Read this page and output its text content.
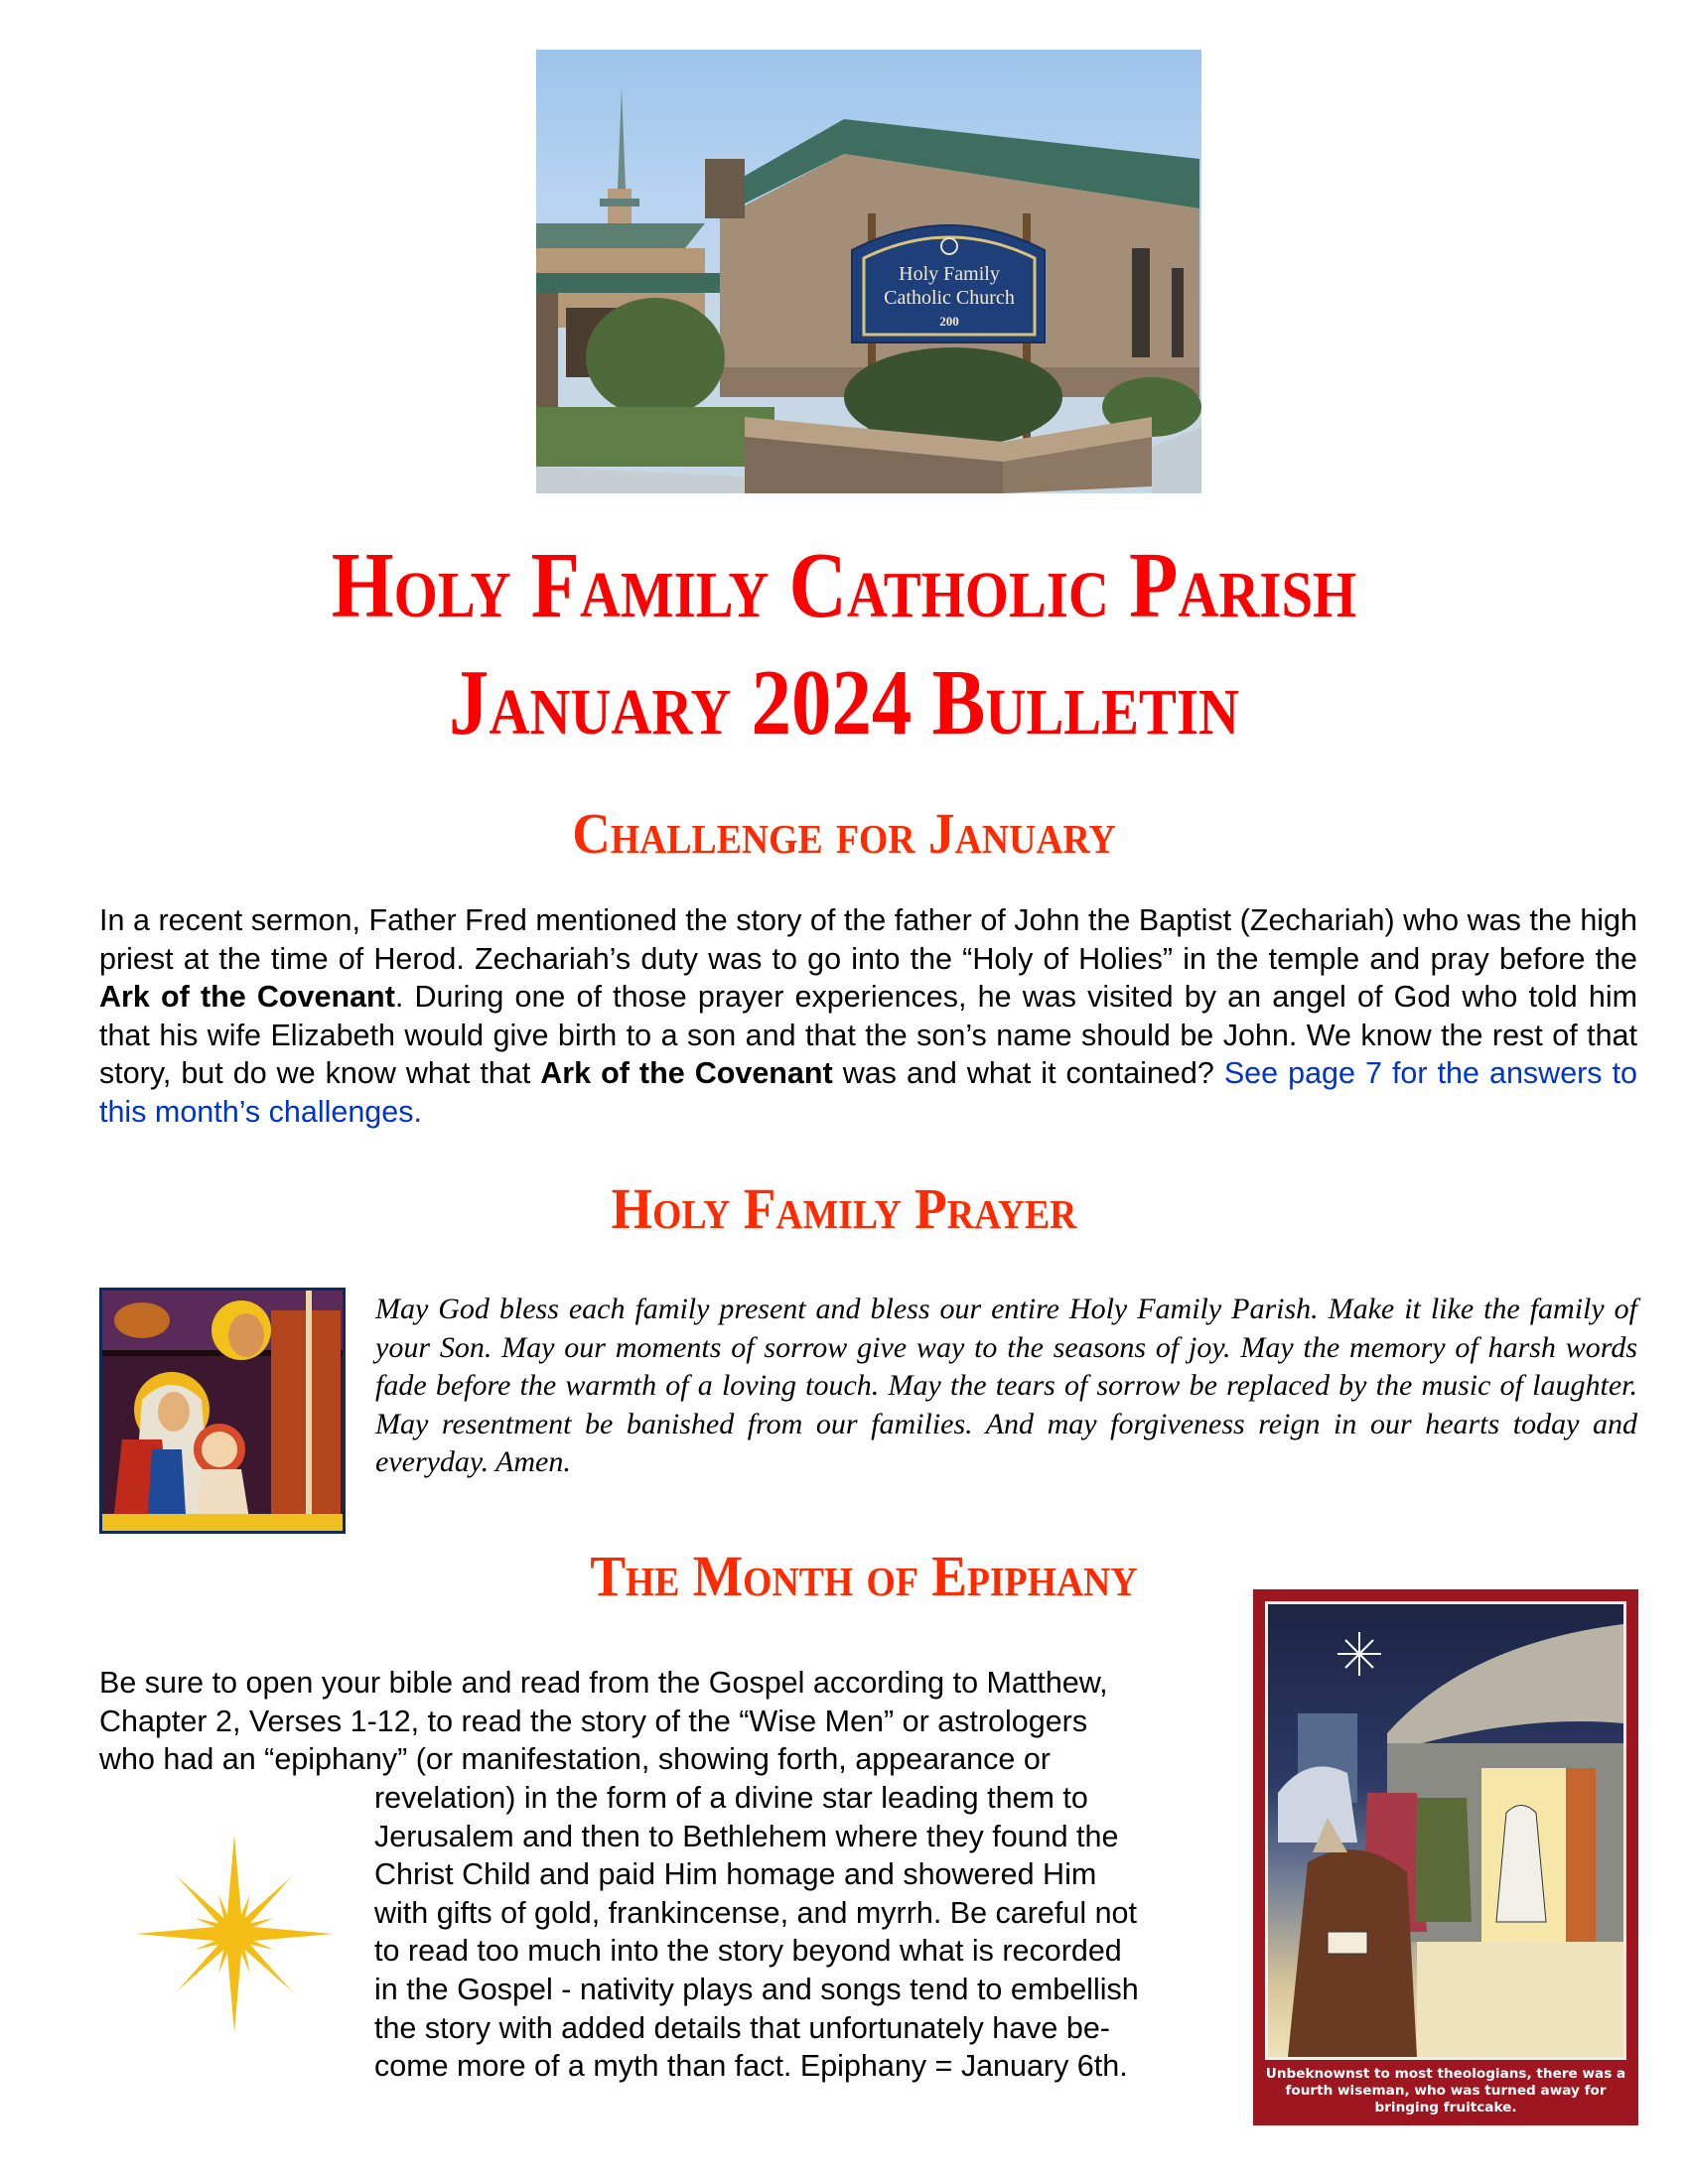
Holy Family
Catholic Church
200
Holy Family Catholic Parish
January 2024 Bulletin
Challenge for January
In a recent sermon, Father Fred mentioned the story of the father of John the Baptist (Zechariah) who was the high priest at the time of Herod. Zechariah’s duty was to go into the “Holy of Holies” in the temple and pray before the Ark of the Covenant. During one of those prayer experiences, he was visited by an angel of God who told him that his wife Elizabeth would give birth to a son and that the son’s name should be John. We know the rest of that story, but do we know what that Ark of the Covenant was and what it contained? See page 7 for the answers to this month’s challenges.
Holy Family Prayer
May God bless each family present and bless our entire Holy Family Parish. Make it like the family of your Son. May our moments of sorrow give way to the seasons of joy. May the memory of harsh words fade before the warmth of a loving touch. May the tears of sorrow be replaced by the music of laughter. May resentment be banished from our families. And may forgiveness reign in our hearts today and everyday. Amen.
The Month of Epiphany
Be sure to open your bible and read from the Gospel according to Matthew,
Chapter 2, Verses 1-12, to read the story of the “Wise Men” or astrologers
who had an “epiphany” (or manifestation, showing forth, appearance or
revelation) in the form of a divine star leading them to
Jerusalem and then to Bethlehem where they found the
Christ Child and paid Him homage and showered Him
with gifts of gold, frankincense, and myrrh. Be careful not
to read too much into the story beyond what is recorded
in the Gospel - nativity plays and songs tend to embellish
the story with added details that unfortunately have be-
come more of a myth than fact. Epiphany = January 6th.	Unbeknownst to most theologians, there was a fourth wiseman, who was turned away for bringing fruitcake.
